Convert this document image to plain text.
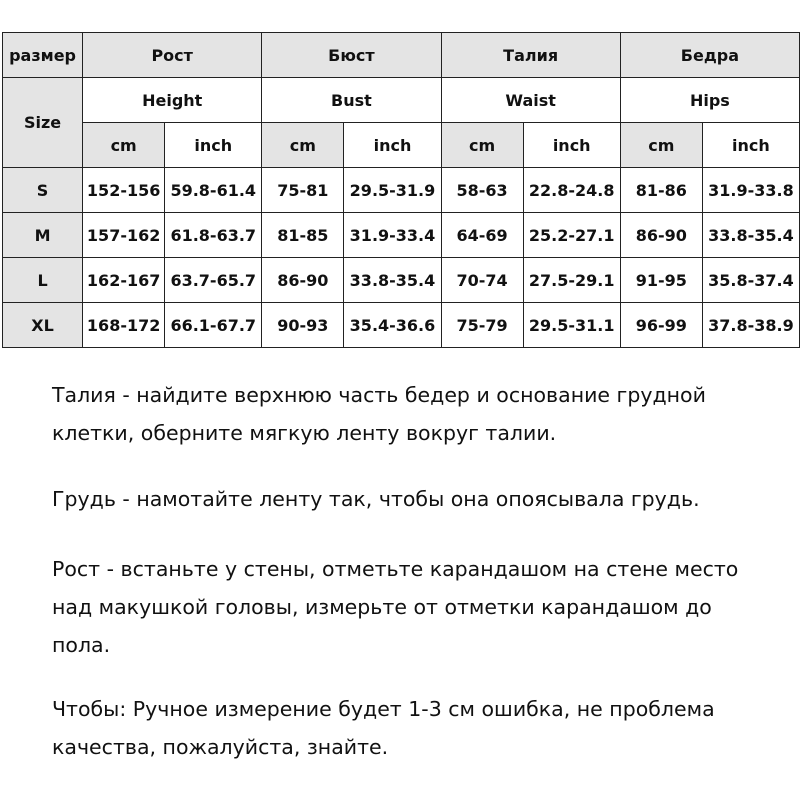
размер	Рост		Бюст		Талия		Бедра	
Size	Height		Bust		Waist		Hips	
	cm	inch	cm	inch	cm	inch	cm	inch
S	152-156	59.8-61.4	75-81	29.5-31.9	58-63	22.8-24.8	81-86	31.9-33.8
M	157-162	61.8-63.7	81-85	31.9-33.4	64-69	25.2-27.1	86-90	33.8-35.4
L	162-167	63.7-65.7	86-90	33.8-35.4	70-74	27.5-29.1	91-95	35.8-37.4
XL	168-172	66.1-67.7	90-93	35.4-36.6	75-79	29.5-31.1	96-99	37.8-38.9

Талия - найдите верхнюю часть бедер и основание грудной

клетки, оберните мягкую ленту вокруг талии.

Грудь - намотайте ленту так, чтобы она опоясывала грудь.

Рост - встаньте у стены, отметьте карандашом на стене место

над макушкой головы, измерьте от отметки карандашом до

пола.

Чтобы: Ручное измерение будет 1-3 см ошибка, не проблема

качества, пожалуйста, знайте.
